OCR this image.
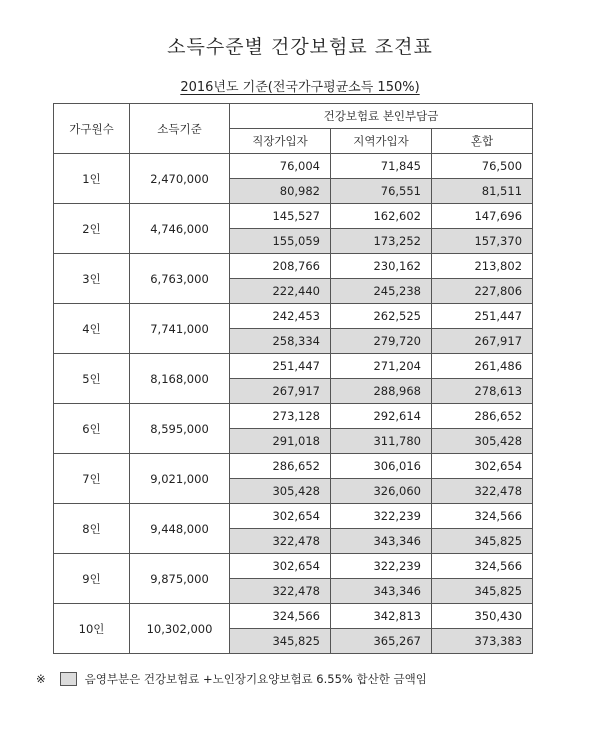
소득수준별 건강보험료 조견표
2016년도 기준(전국가구평균소득 150%)
가구원수	소득기준	건강보험료 본인부담금		
		직장가입자	지역가입자	혼합
1인	2,470,000	76,004	71,845	76,500
		80,982	76,551	81,511
2인	4,746,000	145,527	162,602	147,696
		155,059	173,252	157,370
3인	6,763,000	208,766	230,162	213,802
		222,440	245,238	227,806
4인	7,741,000	242,453	262,525	251,447
		258,334	279,720	267,917
5인	8,168,000	251,447	271,204	261,486
		267,917	288,968	278,613
6인	8,595,000	273,128	292,614	286,652
		291,018	311,780	305,428
7인	9,021,000	286,652	306,016	302,654
		305,428	326,060	322,478
8인	9,448,000	302,654	322,239	324,566
		322,478	343,346	345,825
9인	9,875,000	302,654	322,239	324,566
		322,478	343,346	345,825
10인	10,302,000	324,566	342,813	350,430
		345,825	365,267	373,383
※	음영부분은 건강보험료 +노인장기요양보험료 6.55% 합산한 금액임
